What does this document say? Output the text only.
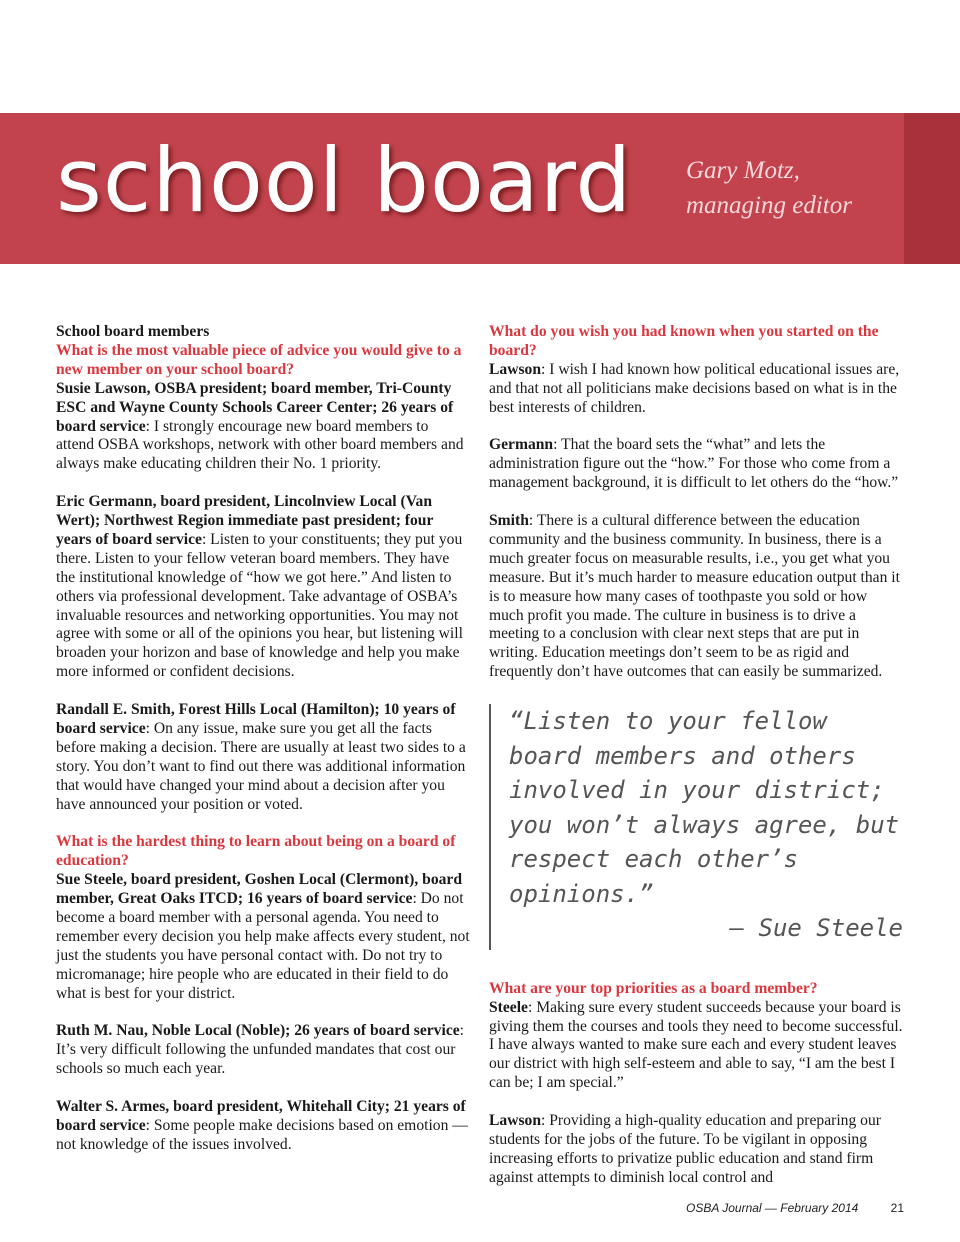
school board Gary Motz,
managing editor

School board members
What is the most valuable piece of advice you would give to a new member on your school board?
Susie Lawson, OSBA president; board member, Tri-County ESC and Wayne County Schools Career Center; 26 years of board service: I strongly encourage new board members to attend OSBA workshops, network with other board members and always make educating children their No. 1 priority.

Eric Germann, board president, Lincolnview Local (Van Wert); Northwest Region immediate past president; four years of board service: Listen to your constituents; they put you there. Listen to your fellow veteran board members. They have the institutional knowledge of “how we got here.” And listen to others via professional development. Take advantage of OSBA’s invaluable resources and networking opportunities. You may not agree with some or all of the opinions you hear, but listening will broaden your horizon and base of knowledge and help you make more informed or confident decisions.

Randall E. Smith, Forest Hills Local (Hamilton); 10 years of board service: On any issue, make sure you get all the facts before making a decision. There are usually at least two sides to a story. You don’t want to find out there was additional information that would have changed your mind about a decision after you have announced your position or voted.

What is the hardest thing to learn about being on a board of education?
Sue Steele, board president, Goshen Local (Clermont), board member, Great Oaks ITCD; 16 years of board service: Do not become a board member with a personal agenda. You need to remember every decision you help make affects every student, not just the students you have personal contact with. Do not try to micromanage; hire people who are educated in their field to do what is best for your district.

Ruth M. Nau, Noble Local (Noble); 26 years of board service: It’s very difficult following the unfunded mandates that cost our schools so much each year.

Walter S. Armes, board president, Whitehall City; 21 years of board service: Some people make decisions based on emotion — not knowledge of the issues involved.

What do you wish you had known when you started on the board?
Lawson: I wish I had known how political educational issues are, and that not all politicians make decisions based on what is in the best interests of children.

Germann: That the board sets the “what” and lets the administration figure out the “how.” For those who come from a management background, it is difficult to let others do the “how.”

Smith: There is a cultural difference between the education community and the business community. In business, there is a much greater focus on measurable results, i.e., you get what you measure. But it’s much harder to measure education output than it is to measure how many cases of toothpaste you sold or how much profit you made. The culture in business is to drive a meeting to a conclusion with clear next steps that are put in writing. Education meetings don’t seem to be as rigid and frequently don’t have outcomes that can easily be summarized.

“Listen to your fellow board members and others involved in your district; you won’t always agree, but respect each other’s opinions.”
— Sue Steele

What are your top priorities as a board member?
Steele: Making sure every student succeeds because your board is giving them the courses and tools they need to become successful. I have always wanted to make sure each and every student leaves our district with high self-esteem and able to say, “I am the best I can be; I am special.”

Lawson: Providing a high-quality education and preparing our students for the jobs of the future. To be vigilant in opposing increasing efforts to privatize public education and stand firm against attempts to diminish local control and

OSBA Journal — February 2014	21
